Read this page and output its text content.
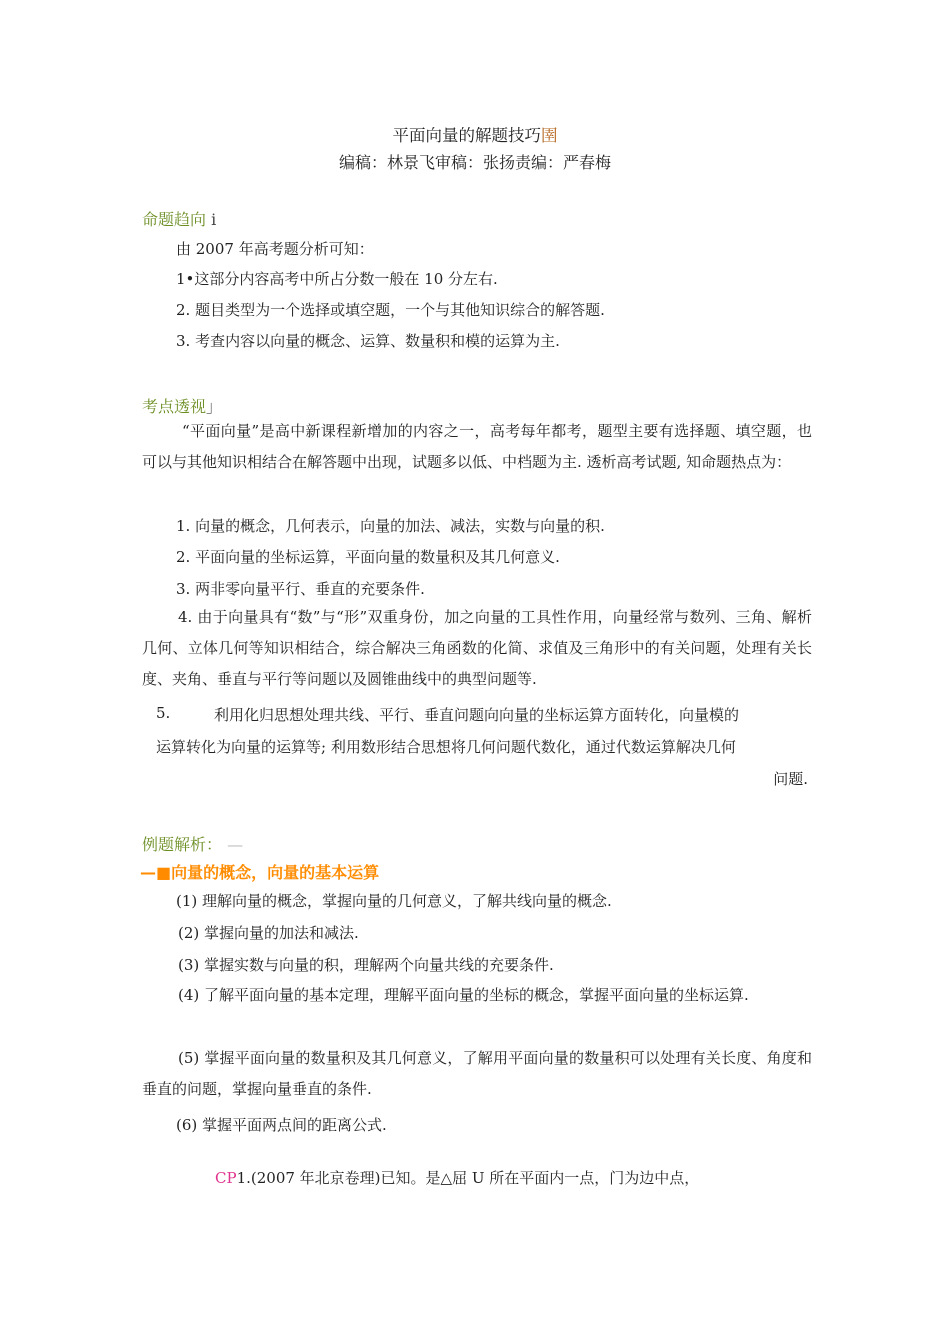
平面向量的解题技巧圉
编稿：林景飞审稿：张扬责编：严春梅
命题趋向 i
由 2007 年高考题分析可知：
1•这部分内容高考中所占分数一般在 10 分左右.
2. 题目类型为一个选择或填空题，一个与其他知识综合的解答题.
3. 考查内容以向量的概念、运算、数量积和模的运算为主.
考点透视」
“平面向量”是高中新课程新增加的内容之一，高考每年都考，题型主要有选择题、填空题，也可以与其他知识相结合在解答题中出现，试题多以低、中档题为主. 透析高考试题, 知命题热点为：
1. 向量的概念，几何表示，向量的加法、减法，实数与向量的积.
2. 平面向量的坐标运算，平面向量的数量积及其几何意义.
3. 两非零向量平行、垂直的充要条件.
4. 由于向量具有“数”与“形”双重身份，加之向量的工具性作用，向量经常与数列、三角、解析几何、立体几何等知识相结合，综合解决三角函数的化简、求值及三角形中的有关问题，处理有关长度、夹角、垂直与平行等问题以及圆锥曲线中的典型问题等.
5.	利用化归思想处理共线、平行、垂直问题向向量的坐标运算方面转化，向量模的
运算转化为向量的运算等; 利用数形结合思想将几何问题代数化，通过代数运算解决几何
问题.
例题解析： —
—■向量的概念，向量的基本运算
(1) 理解向量的概念，掌握向量的几何意义，了解共线向量的概念.
(2) 掌握向量的加法和减法.
(3) 掌握实数与向量的积，理解两个向量共线的充要条件.
(4) 了解平面向量的基本定理，理解平面向量的坐标的概念，掌握平面向量的坐标运算.
(5) 掌握平面向量的数量积及其几何意义，了解用平面向量的数量积可以处理有关长度、角度和垂直的问题，掌握向量垂直的条件.
(6) 掌握平面两点间的距离公式.
CP1.(2007 年北京卷理)已知。是△屈 U 所在平面内一点，门为边中点，
